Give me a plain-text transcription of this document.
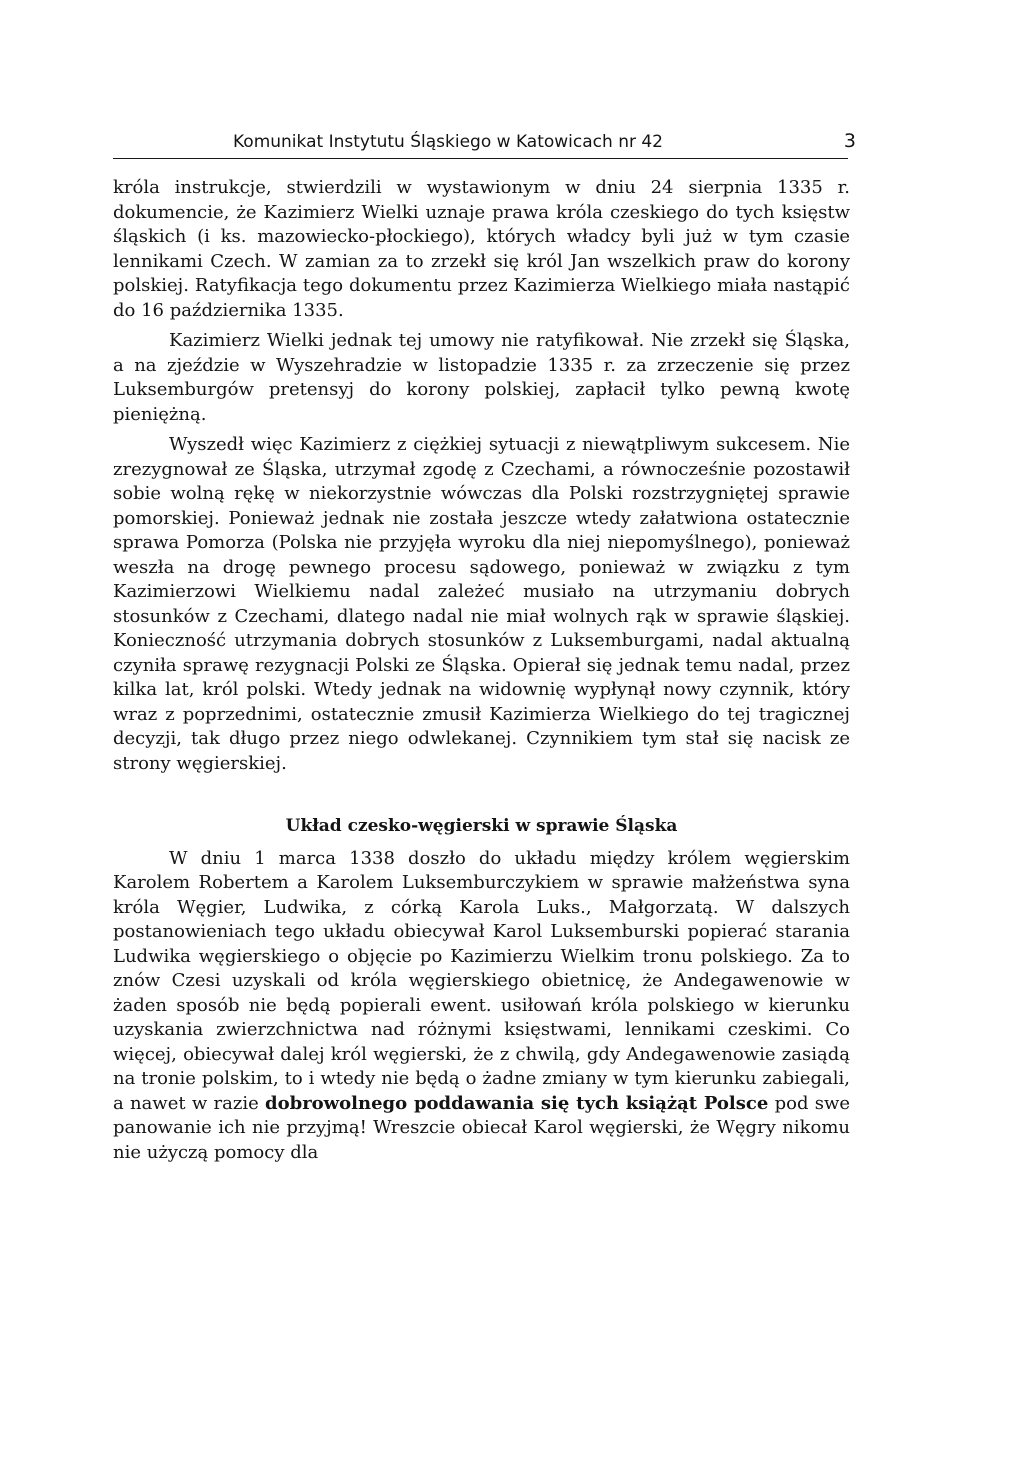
Komunikat Instytutu Śląskiego w Katowicach nr 42	3

króla instrukcje, stwierdzili w wystawionym w dniu 24 sierpnia 1335 r. dokumencie, że Kazimierz Wielki uznaje prawa króla czeskiego do tych księstw śląskich (i ks. mazowiecko-płockiego), których władcy byli już w tym czasie lennikami Czech. W zamian za to zrzekł się król Jan wszelkich praw do korony polskiej. Ratyfikacja tego dokumentu przez Kazimierza Wielkiego miała nastąpić do 16 października 1335.

Kazimierz Wielki jednak tej umowy nie ratyfikował. Nie zrzekł się Śląska, a na zjeździe w Wyszehradzie w listopadzie 1335 r. za zrzeczenie się przez Luksemburgów pretensyj do korony polskiej, zapłacił tylko pewną kwotę pieniężną.

Wyszedł więc Kazimierz z ciężkiej sytuacji z niewątpliwym sukcesem. Nie zrezygnował ze Śląska, utrzymał zgodę z Czechami, a równocześnie pozostawił sobie wolną rękę w niekorzystnie wówczas dla Polski rozstrzygniętej sprawie pomorskiej. Ponieważ jednak nie została jeszcze wtedy załatwiona ostatecznie sprawa Pomorza (Polska nie przyjęła wyroku dla niej niepomyślnego), ponieważ weszła na drogę pewnego procesu sądowego, ponieważ w związku z tym Kazimierzowi Wielkiemu nadal zależeć musiało na utrzymaniu dobrych stosunków z Czechami, dlatego nadal nie miał wolnych rąk w sprawie śląskiej. Konieczność utrzymania dobrych stosunków z Luksemburgami, nadal aktualną czyniła sprawę rezygnacji Polski ze Śląska. Opierał się jednak temu nadal, przez kilka lat, król polski. Wtedy jednak na widownię wypłynął nowy czynnik, który wraz z poprzednimi, ostatecznie zmusił Kazimierza Wielkiego do tej tragicznej decyzji, tak długo przez niego odwlekanej. Czynnikiem tym stał się nacisk ze strony węgierskiej.

Układ czesko-węgierski w sprawie Śląska

W dniu 1 marca 1338 doszło do układu między królem węgierskim Karolem Robertem a Karolem Luksemburczykiem w sprawie małżeństwa syna króla Węgier, Ludwika, z córką Karola Luks., Małgorzatą. W dalszych postanowieniach tego układu obiecywał Karol Luksemburski popierać starania Ludwika węgierskiego o objęcie po Kazimierzu Wielkim tronu polskiego. Za to znów Czesi uzyskali od króla węgierskiego obietnicę, że Andegawenowie w żaden sposób nie będą popierali ewent. usiłowań króla polskiego w kierunku uzyskania zwierzchnictwa nad różnymi księstwami, lennikami czeskimi. Co więcej, obiecywał dalej król węgierski, że z chwilą, gdy Andegawenowie zasiądą na tronie polskim, to i wtedy nie będą o żadne zmiany w tym kierunku zabiegali, a nawet w razie dobrowolnego poddawania się tych książąt Polsce pod swe panowanie ich nie przyjmą! Wreszcie obiecał Karol węgierski, że Węgry nikomu nie użyczą pomocy dla
